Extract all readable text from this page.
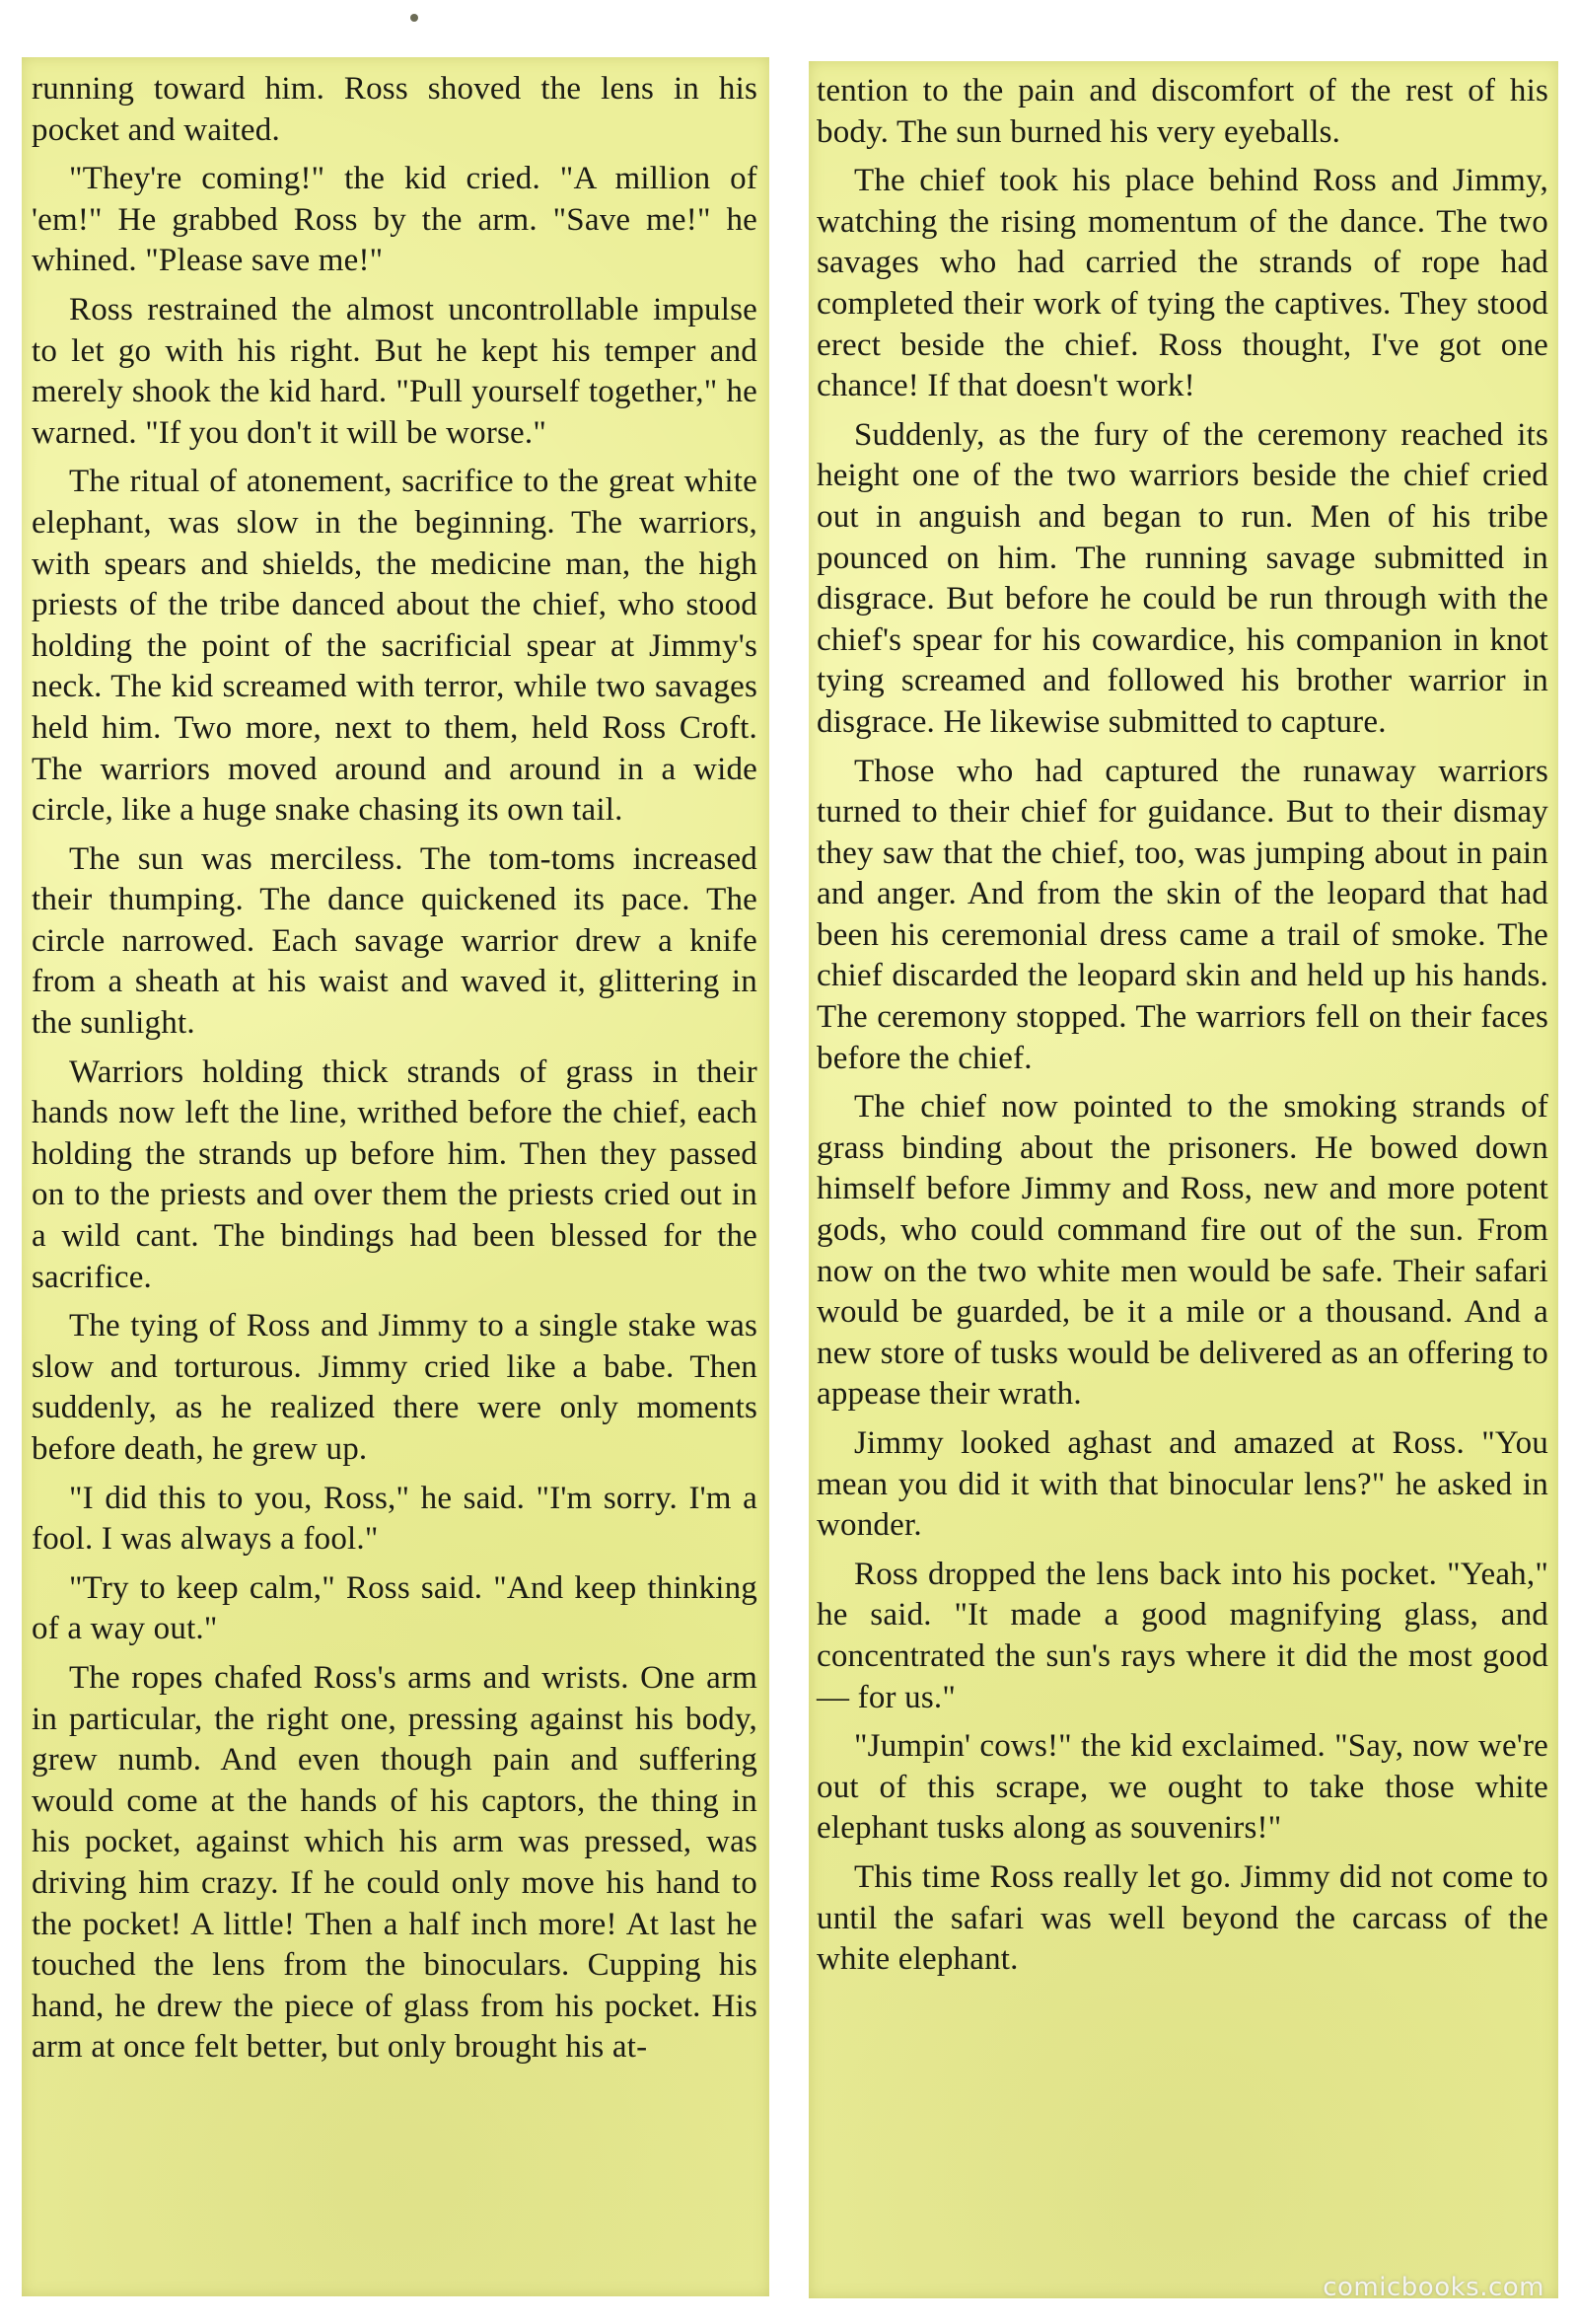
running toward him. Ross shoved the lens in his pocket and waited.

"They're coming!" the kid cried. "A million of 'em!" He grabbed Ross by the arm. "Save me!" he whined. "Please save me!"

Ross restrained the almost uncontrollable impulse to let go with his right. But he kept his temper and merely shook the kid hard. "Pull yourself together," he warned. "If you don't it will be worse."

The ritual of atonement, sacrifice to the great white elephant, was slow in the beginning. The warriors, with spears and shields, the medicine man, the high priests of the tribe danced about the chief, who stood holding the point of the sacrificial spear at Jimmy's neck. The kid screamed with terror, while two savages held him. Two more, next to them, held Ross Croft. The warriors moved around and around in a wide circle, like a huge snake chasing its own tail.

The sun was merciless. The tom-toms increased their thumping. The dance quickened its pace. The circle narrowed. Each savage warrior drew a knife from a sheath at his waist and waved it, glittering in the sunlight.

Warriors holding thick strands of grass in their hands now left the line, writhed before the chief, each holding the strands up before him. Then they passed on to the priests and over them the priests cried out in a wild cant. The bindings had been blessed for the sacrifice.

The tying of Ross and Jimmy to a single stake was slow and torturous. Jimmy cried like a babe. Then suddenly, as he realized there were only moments before death, he grew up.

"I did this to you, Ross," he said. "I'm sorry. I'm a fool. I was always a fool."

"Try to keep calm," Ross said. "And keep thinking of a way out."

The ropes chafed Ross's arms and wrists. One arm in particular, the right one, pressing against his body, grew numb. And even though pain and suffering would come at the hands of his captors, the thing in his pocket, against which his arm was pressed, was driving him crazy. If he could only move his hand to the pocket! A little! Then a half inch more! At last he touched the lens from the binoculars. Cupping his hand, he drew the piece of glass from his pocket. His arm at once felt better, but only brought his at-

tention to the pain and discomfort of the rest of his body. The sun burned his very eyeballs.

The chief took his place behind Ross and Jimmy, watching the rising momentum of the dance. The two savages who had carried the strands of rope had completed their work of tying the captives. They stood erect beside the chief. Ross thought, I've got one chance! If that doesn't work!

Suddenly, as the fury of the ceremony reached its height one of the two warriors beside the chief cried out in anguish and began to run. Men of his tribe pounced on him. The running savage submitted in disgrace. But before he could be run through with the chief's spear for his cowardice, his companion in knot tying screamed and followed his brother warrior in disgrace. He likewise submitted to capture.

Those who had captured the runaway warriors turned to their chief for guidance. But to their dismay they saw that the chief, too, was jumping about in pain and anger. And from the skin of the leopard that had been his ceremonial dress came a trail of smoke. The chief discarded the leopard skin and held up his hands. The ceremony stopped. The warriors fell on their faces before the chief.

The chief now pointed to the smoking strands of grass binding about the prisoners. He bowed down himself before Jimmy and Ross, new and more potent gods, who could command fire out of the sun. From now on the two white men would be safe. Their safari would be guarded, be it a mile or a thousand. And a new store of tusks would be delivered as an offering to appease their wrath.

Jimmy looked aghast and amazed at Ross. "You mean you did it with that binocular lens?" he asked in wonder.

Ross dropped the lens back into his pocket. "Yeah," he said. "It made a good magnifying glass, and concentrated the sun's rays where it did the most good — for us."

"Jumpin' cows!" the kid exclaimed. "Say, now we're out of this scrape, we ought to take those white elephant tusks along as souvenirs!"

This time Ross really let go. Jimmy did not come to until the safari was well beyond the carcass of the white elephant.

comicbooks.com
